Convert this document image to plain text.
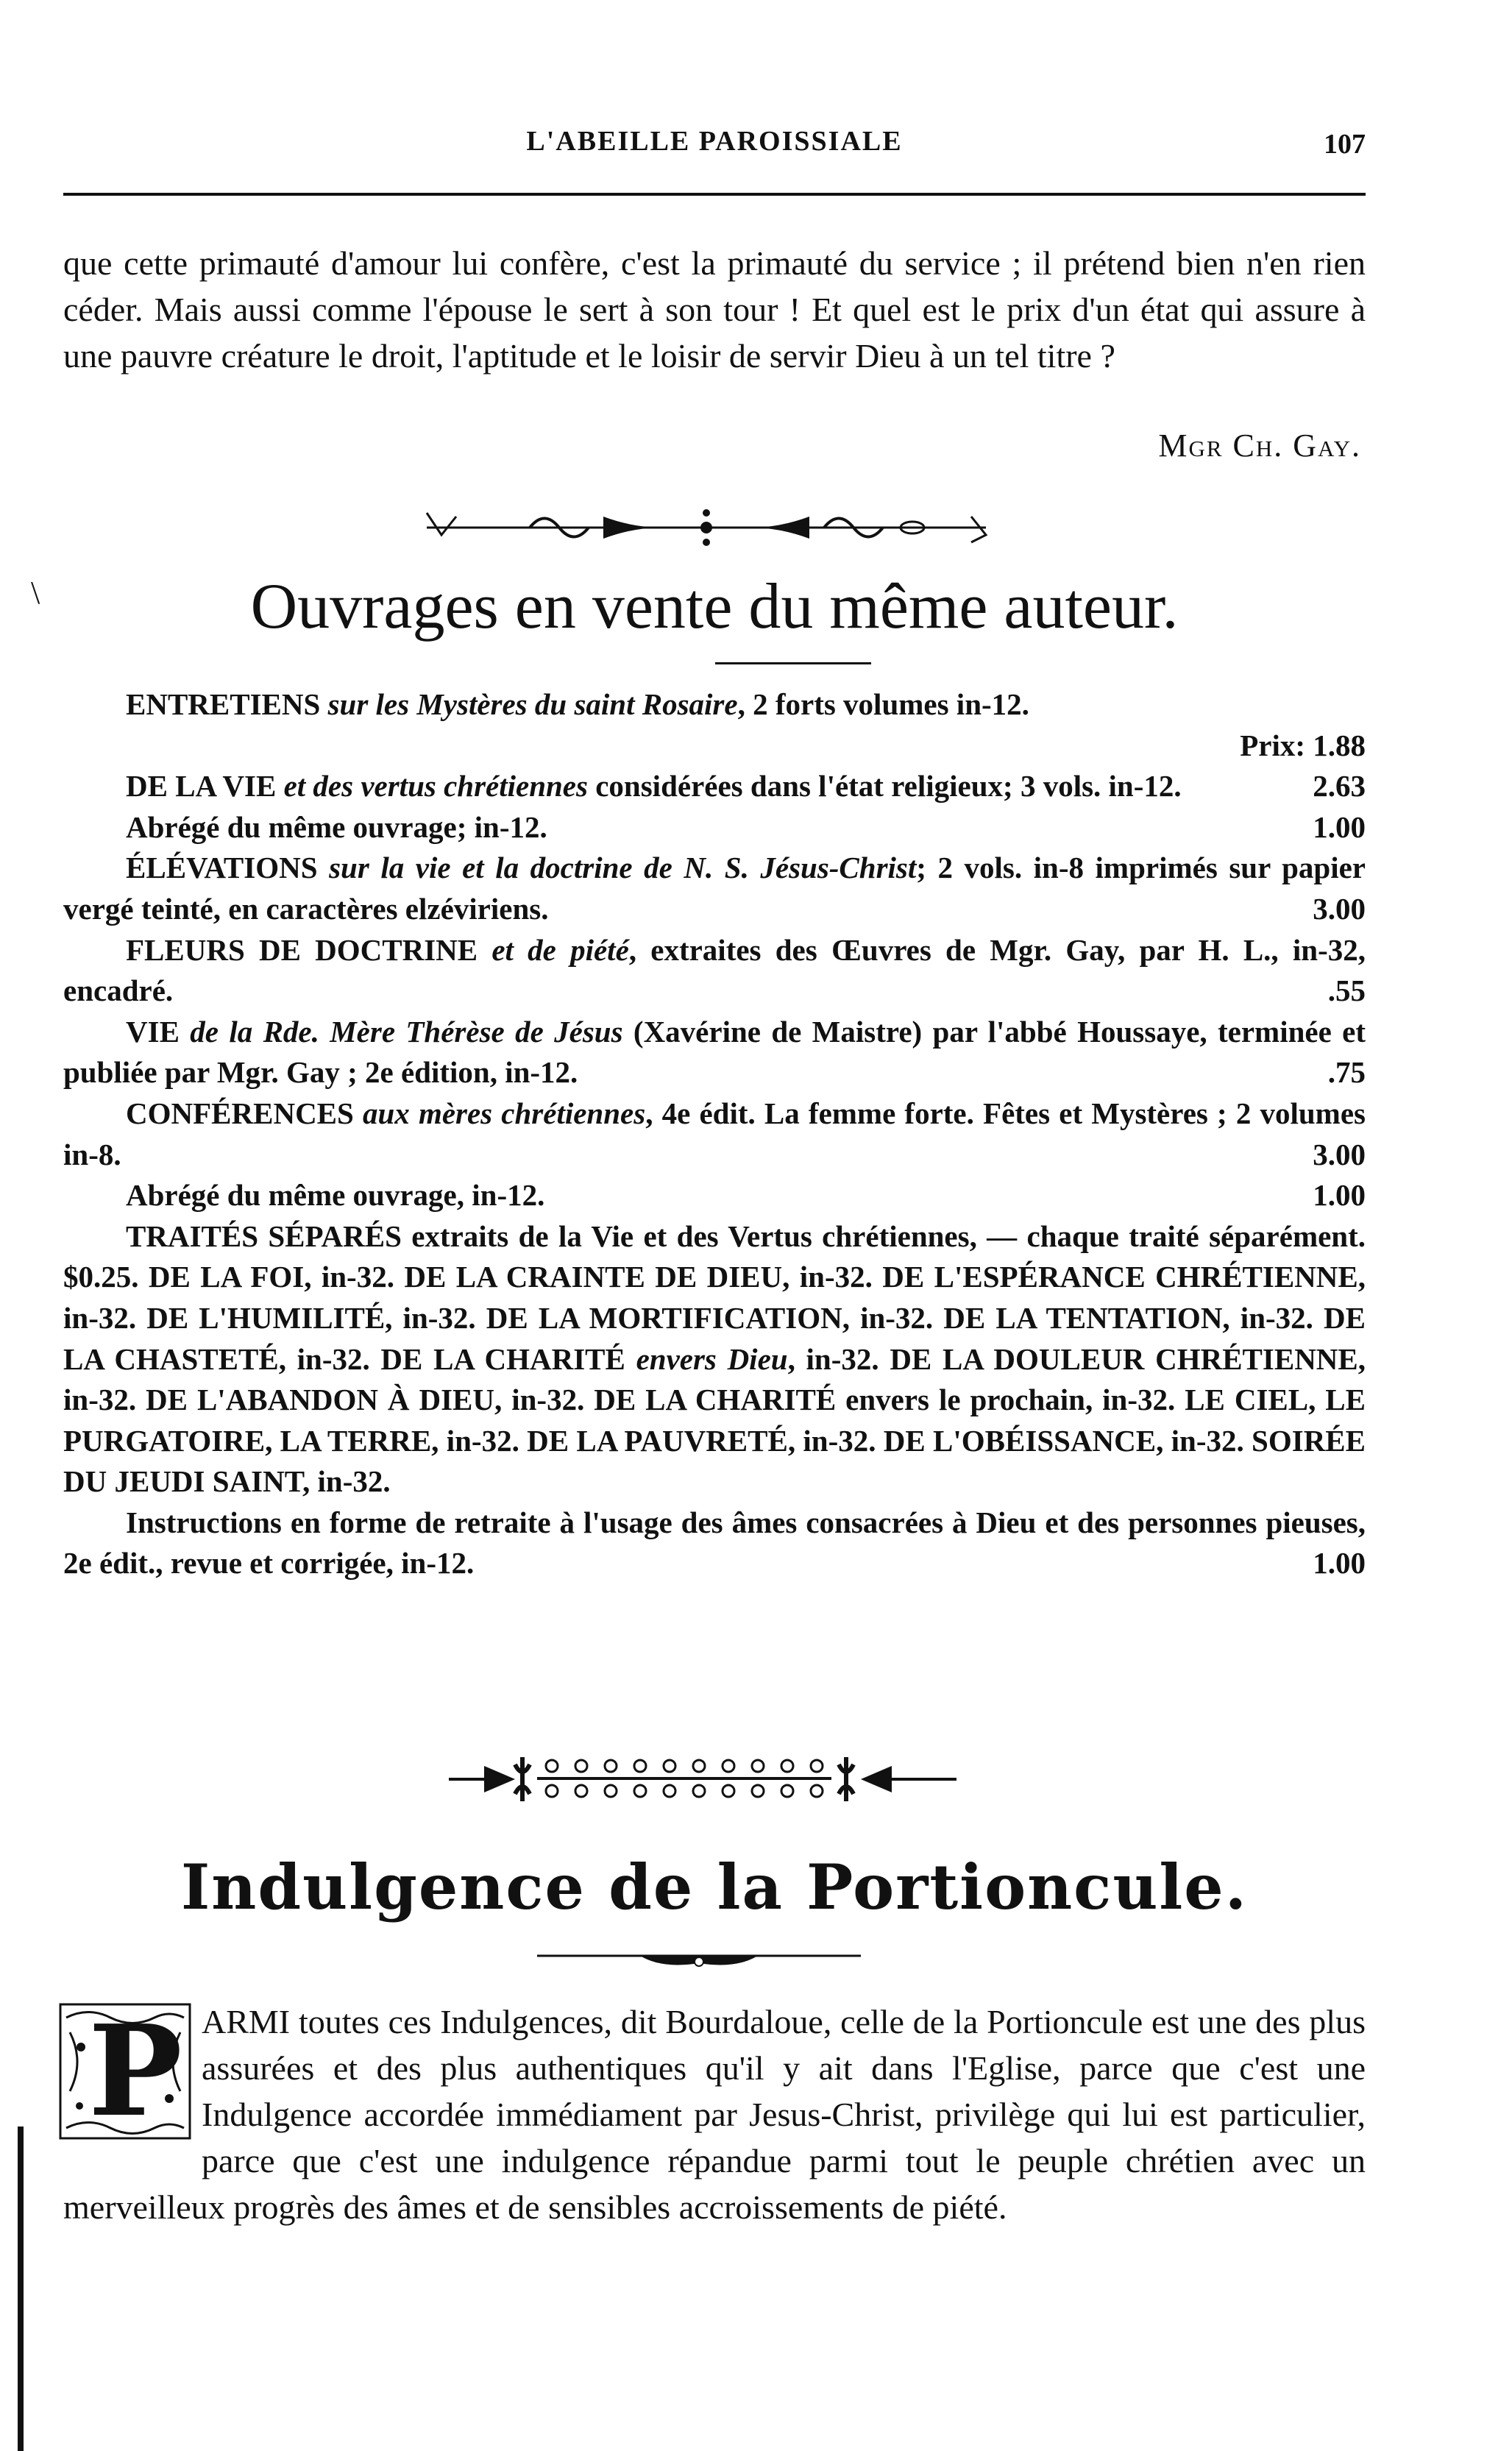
\
L'ABEILLE PAROISSIALE	107
que cette primauté d'amour lui confère, c'est la primauté du service ; il prétend bien n'en rien céder. Mais aussi comme l'épouse le sert à son tour ! Et quel est le prix d'un état qui assure à une pauvre créature le droit, l'aptitude et le loisir de servir Dieu à un tel titre ?
Mgr Ch. Gay.
Ouvrages en vente du même auteur.

ENTRETIENS sur les Mystères du saint Rosaire, 2 forts volumes in-12.

Prix: 1.88

DE LA VIE et des vertus chrétiennes considérées dans l'état religieux; 3 vols. in-12.	2.63

Abrégé du même ouvrage; in-12.	1.00

ÉLÉVATIONS sur la vie et la doctrine de N. S. Jésus-Christ; 2 vols. in-8 imprimés sur papier vergé teinté, en caractères elzéviriens.	3.00

FLEURS DE DOCTRINE et de piété, extraites des Œuvres de Mgr. Gay, par H. L., in-32, encadré.	.55

VIE de la Rde. Mère Thérèse de Jésus (Xavérine de Maistre) par l'abbé Houssaye, terminée et publiée par Mgr. Gay ; 2e édition, in-12.	.75

CONFÉRENCES aux mères chrétiennes, 4e édit. La femme forte. Fêtes et Mystères ; 2 volumes in-8.	3.00

Abrégé du même ouvrage, in-12.	1.00

TRAITÉS SÉPARÉS extraits de la Vie et des Vertus chrétiennes, — chaque traité séparément. $0.25. DE LA FOI, in-32. DE LA CRAINTE DE DIEU, in-32. DE L'ESPÉRANCE CHRÉTIENNE, in-32. DE L'HUMILITÉ, in-32. DE LA MORTIFICATION, in-32. DE LA TENTATION, in-32. DE LA CHASTETÉ, in-32. DE LA CHARITÉ envers Dieu, in-32. DE LA DOULEUR CHRÉTIENNE, in-32. DE L'ABANDON À DIEU, in-32. DE LA CHARITÉ envers le prochain, in-32. LE CIEL, LE PURGATOIRE, LA TERRE, in-32. DE LA PAUVRETÉ, in-32. DE L'OBÉISSANCE, in-32. SOIRÉE DU JEUDI SAINT, in-32.

Instructions en forme de retraite à l'usage des âmes consacrées à Dieu et des personnes pieuses, 2e édit., revue et corrigée, in-12.	1.00

Indulgence de la Portioncule.
P ARMI toutes ces Indulgences, dit Bourdaloue, celle de la Portioncule est une des plus assurées et des plus authentiques qu'il y ait dans l'Eglise, parce que c'est une Indulgence accordée immédiament par Jesus-Christ, privilège qui lui est particulier, parce que c'est une indulgence répandue parmi tout le peuple chrétien avec un merveilleux progrès des âmes et de sensibles accroissements de piété.
